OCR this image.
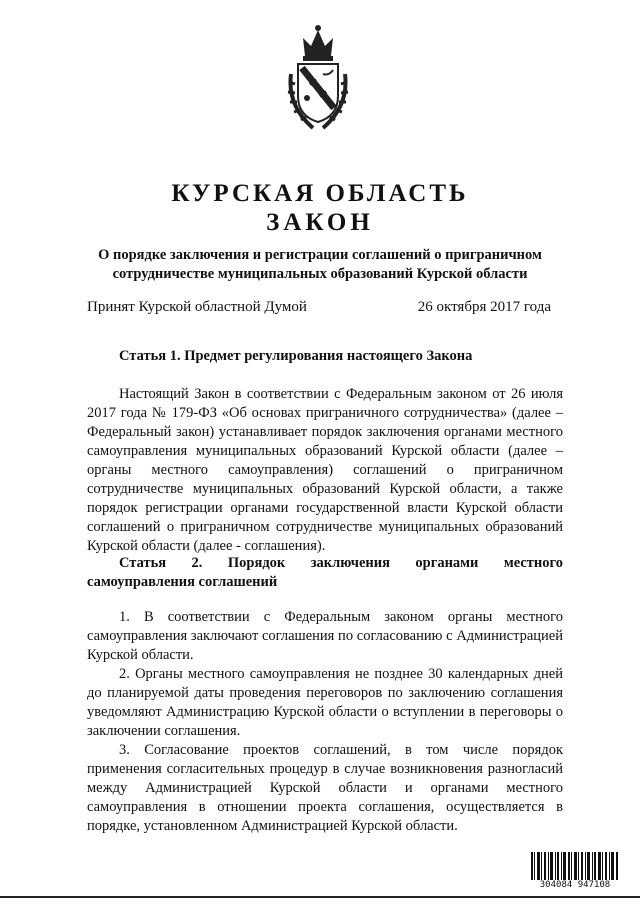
КУРСКАЯ ОБЛАСТЬ
ЗАКОН
О порядке заключения и регистрации соглашений о приграничном сотрудничестве муниципальных образований Курской области
Принят Курской областной Думой	26 октября 2017 года
Статья 1. Предмет регулирования настоящего Закона

Настоящий Закон в соответствии с Федеральным законом от 26 июля 2017 года № 179-ФЗ «Об основах приграничного сотрудничества» (далее – Федеральный закон) устанавливает порядок заключения органами местного самоуправления муниципальных образований Курской области (далее – органы местного самоуправления) соглашений о приграничном сотрудничестве муниципальных образований Курской области, а также порядок регистрации органами государственной власти Курской области соглашений о приграничном сотрудничестве муниципальных образований Курской области (далее - соглашения).

Статья 2. Порядок заключения органами местного самоуправления соглашений

1. В соответствии с Федеральным законом органы местного самоуправления заключают соглашения по согласованию с Администрацией Курской области.

2. Органы местного самоуправления не позднее 30 календарных дней до планируемой даты проведения переговоров по заключению соглашения уведомляют Администрацию Курской области о вступлении в переговоры о заключении соглашения.

3. Согласование проектов соглашений, в том числе порядок применения согласительных процедур в случае возникновения разногласий между Администрацией Курской области и органами местного самоуправления в отношении проекта соглашения, осуществляется в порядке, установленном Администрацией Курской области.

304084 947108
